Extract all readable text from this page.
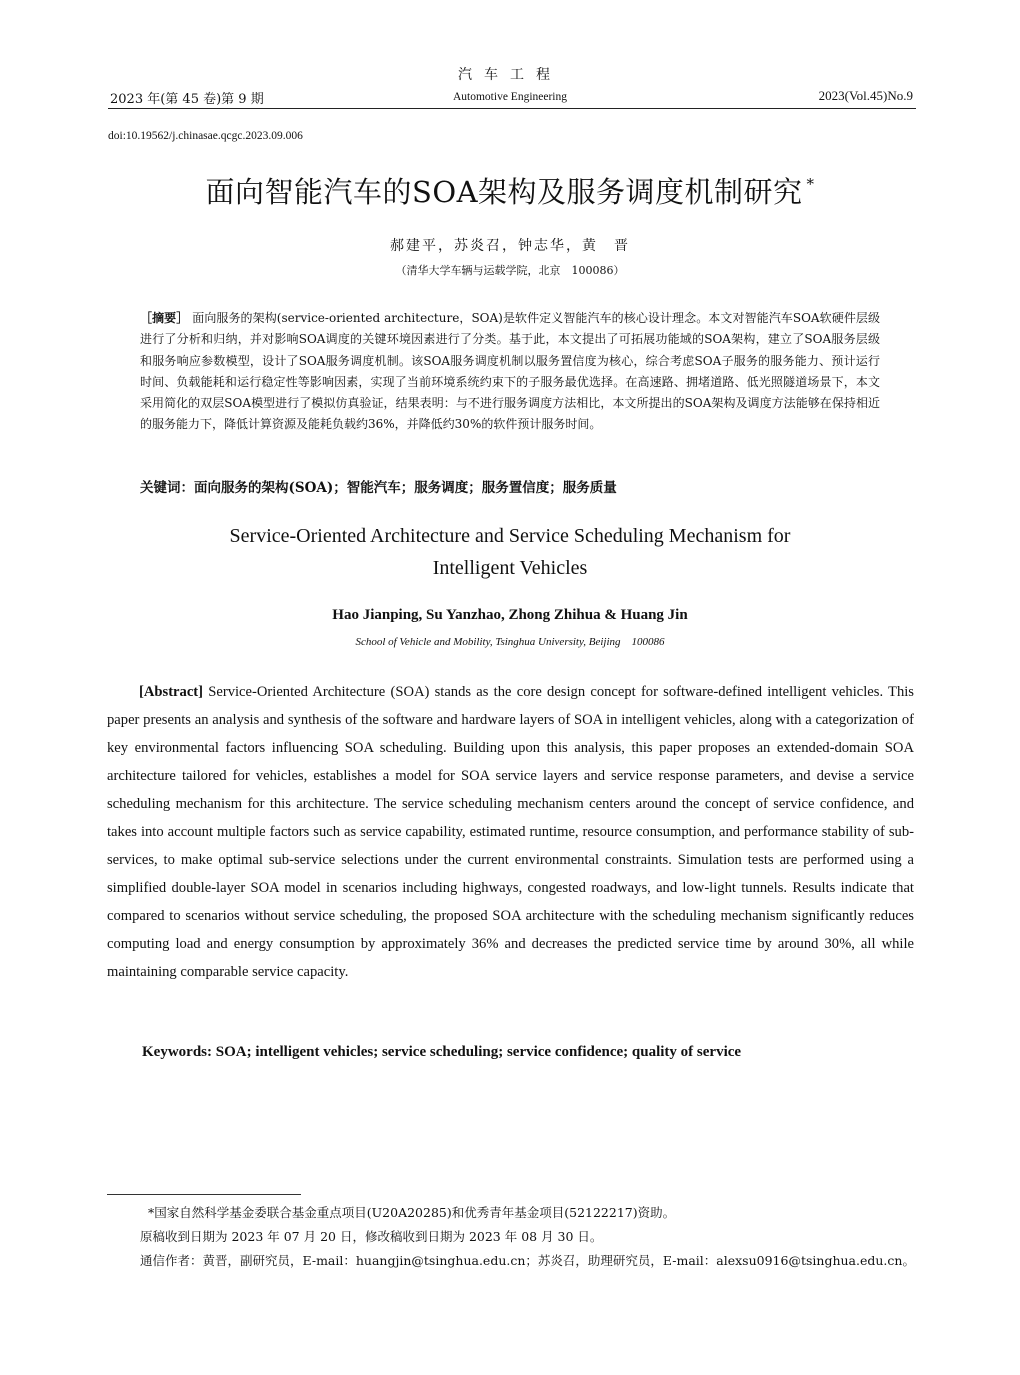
汽车工程
2023 年(第 45 卷)第 9 期	Automotive Engineering	2023(Vol.45)No.9
doi:10.19562/j.chinasae.qcgc.2023.09.006
面向智能汽车的SOA架构及服务调度机制研究 *
郝建平，苏炎召，钟志华，黄　晋
（清华大学车辆与运载学院，北京　100086）
［摘要］ 面向服务的架构(service-oriented architecture，SOA)是软件定义智能汽车的核心设计理念。本文对智能汽车SOA软硬件层级进行了分析和归纳，并对影响SOA调度的关键环境因素进行了分类。基于此，本文提出了可拓展功能域的SOA架构，建立了SOA服务层级和服务响应参数模型，设计了SOA服务调度机制。该SOA服务调度机制以服务置信度为核心，综合考虑SOA子服务的服务能力、预计运行时间、负载能耗和运行稳定性等影响因素，实现了当前环境系统约束下的子服务最优选择。在高速路、拥堵道路、低光照隧道场景下，本文采用简化的双层SOA模型进行了模拟仿真验证，结果表明：与不进行服务调度方法相比，本文所提出的SOA架构及调度方法能够在保持相近的服务能力下，降低计算资源及能耗负载约36%，并降低约30%的软件预计服务时间。
关键词：面向服务的架构(SOA)；智能汽车；服务调度；服务置信度；服务质量
Service-Oriented Architecture and Service Scheduling Mechanism for
Intelligent Vehicles
Hao Jianping, Su Yanzhao, Zhong Zhihua & Huang Jin
School of Vehicle and Mobility, Tsinghua University, Beijing　100086
[Abstract] Service-Oriented Architecture (SOA) stands as the core design concept for software-defined intelligent vehicles. This paper presents an analysis and synthesis of the software and hardware layers of SOA in intelligent vehicles, along with a categorization of key environmental factors influencing SOA scheduling. Building upon this analysis, this paper proposes an extended-domain SOA architecture tailored for vehicles, establishes a model for SOA service layers and service response parameters, and devise a service scheduling mechanism for this architecture. The service scheduling mechanism centers around the concept of service confidence, and takes into account multiple factors such as service capability, estimated runtime, resource consumption, and performance stability of sub-services, to make optimal sub-service selections under the current environmental constraints. Simulation tests are performed using a simplified double-layer SOA model in scenarios including highways, congested roadways, and low-light tunnels. Results indicate that compared to scenarios without service scheduling, the proposed SOA architecture with the scheduling mechanism significantly reduces computing load and energy consumption by approximately 36% and decreases the predicted service time by around 30%, all while maintaining comparable service capacity.
Keywords: SOA; intelligent vehicles; service scheduling; service confidence; quality of service
*国家自然科学基金委联合基金重点项目(U20A20285)和优秀青年基金项目(52122217)资助。
原稿收到日期为 2023 年 07 月 20 日，修改稿收到日期为 2023 年 08 月 30 日。
通信作者：黄晋，副研究员，E-mail：huangjin@tsinghua.edu.cn；苏炎召，助理研究员，E-mail：alexsu0916@tsinghua.edu.cn。
